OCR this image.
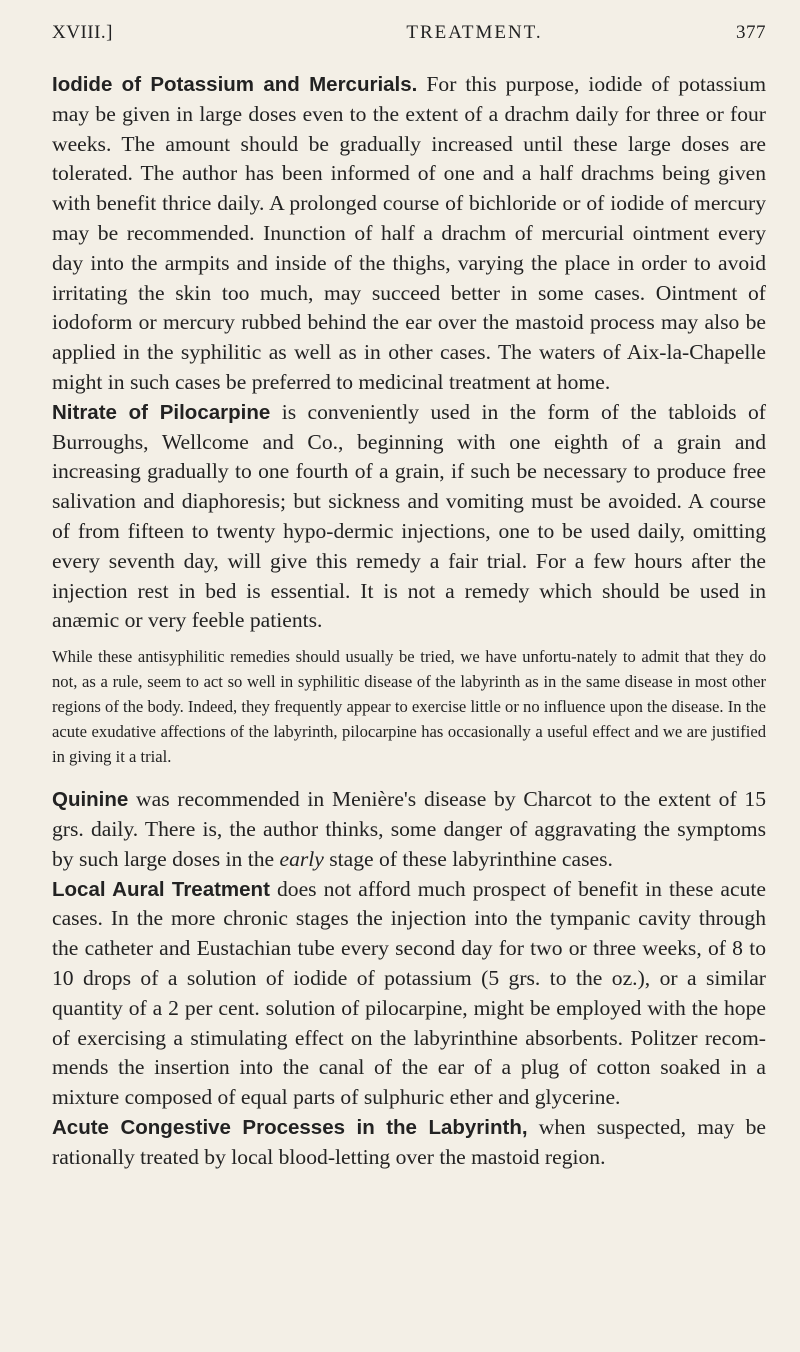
XVIII.]	TREATMENT.	377

Iodide of Potassium and Mercurials. For this purpose, iodide of potassium may be given in large doses even to the extent of a drachm daily for three or four weeks. The amount should be gradually increased until these large doses are tolerated. The author has been informed of one and a half drachms being given with benefit thrice daily. A prolonged course of bichloride or of iodide of mercury may be recommended. Inunction of half a drachm of mercurial ointment every day into the armpits and inside of the thighs, varying the place in order to avoid irritating the skin too much, may succeed better in some cases. Ointment of iodoform or mercury rubbed behind the ear over the mastoid process may also be applied in the syphilitic as well as in other cases. The waters of Aix-la-Chapelle might in such cases be preferred to medicinal treatment at home.

Nitrate of Pilocarpine is conveniently used in the form of the tabloids of Burroughs, Wellcome and Co., beginning with one eighth of a grain and increasing gradually to one fourth of a grain, if such be necessary to produce free salivation and diaphoresis; but sickness and vomiting must be avoided. A course of from fifteen to twenty hypo-dermic injections, one to be used daily, omitting every seventh day, will give this remedy a fair trial. For a few hours after the injection rest in bed is essential. It is not a remedy which should be used in anæmic or very feeble patients.

While these antisyphilitic remedies should usually be tried, we have unfortu-nately to admit that they do not, as a rule, seem to act so well in syphilitic disease of the labyrinth as in the same disease in most other regions of the body. Indeed, they frequently appear to exercise little or no influence upon the disease. In the acute exudative affections of the labyrinth, pilocarpine has occasionally a useful effect and we are justified in giving it a trial.

Quinine was recommended in Menière's disease by Charcot to the extent of 15 grs. daily. There is, the author thinks, some danger of aggravating the symptoms by such large doses in the early stage of these labyrinthine cases.

Local Aural Treatment does not afford much prospect of benefit in these acute cases. In the more chronic stages the injection into the tympanic cavity through the catheter and Eustachian tube every second day for two or three weeks, of 8 to 10 drops of a solution of iodide of potassium (5 grs. to the oz.), or a similar quantity of a 2 per cent. solution of pilocarpine, might be employed with the hope of exercising a stimulating effect on the labyrinthine absorbents. Politzer recom-mends the insertion into the canal of the ear of a plug of cotton soaked in a mixture composed of equal parts of sulphuric ether and glycerine.

Acute Congestive Processes in the Labyrinth, when suspected, may be rationally treated by local blood-letting over the mastoid region.
